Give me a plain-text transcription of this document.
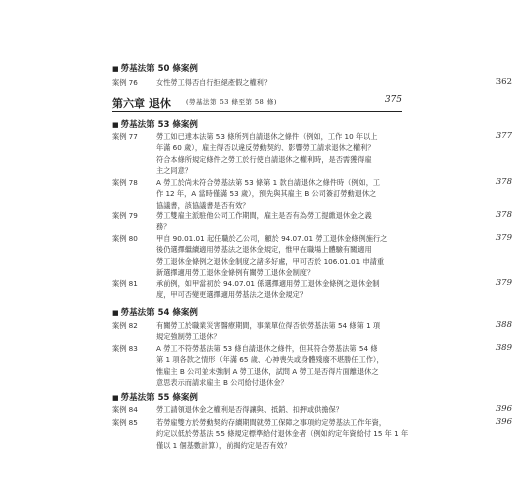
■ 勞基法第 50 條案例
案例 76	女性勞工得否自行拒絕產假之權利？	362
第六章 退休 (勞基法第 53 條至第 58 條)	375
■ 勞基法第 53 條案例
案例 77	勞工如已達本法第 53 條所列自請退休之條件（例如，工作 10 年以上
年滿 60 歲），雇主得否以違反勞動契約、影響勞工請求退休之權利？
符合本條所規定條件之勞工於行使自請退休之權利時，是否需獲得雇
主之同意？
377
案例 78	A 勞工於尚未符合勞基法第 53 條第 1 款自請退休之條件時（例如，工
作 12 年，A 當時僅滿 53 歲），預先與其雇主 B 公司簽訂勞動退休之
協議書，該協議書是否有效？
378
案例 79	勞工雙雇主派駐他公司工作期間，雇主是否有為勞工提繳退休金之義
務？
378
案例 80	甲自 90.01.01 起任職於乙公司，顧於 94.07.01 勞工退休金條例施行之
後仍選擇繼續適用勞基法之退休金規定，惟甲在職場上體驗有關適用
勞工退休金條例之退休金制度之諸多好處，甲可否於 106.01.01 申請重
新選擇適用勞工退休金條例有關勞工退休金制度？
379
案例 81	承前例，如甲當初於 94.07.01 係選擇適用勞工退休金條例之退休金制
度，甲可否變更選擇適用勞基法之退休金規定？
379
■ 勞基法第 54 條案例
案例 82	有關勞工於職業災害醫療期間，事業單位得否依勞基法第 54 條第 1 項
規定強制勞工退休？
388
案例 83	A 勞工不符勞基法第 53 條自請退休之條件，但其符合勞基法第 54 條
第 1 項各款之情形（年滿 65 歲、心神喪失或身體殘廢不堪勝任工作），
惟雇主 B 公司並未強制 A 勞工退休，試問 A 勞工是否得片面離退休之
意思表示而請求雇主 B 公司給付退休金？
389
■ 勞基法第 55 條案例
案例 84	勞工請領退休金之權利是否得讓與、抵銷、扣押或供擔保？	396
案例 85	若勞雇雙方於勞動契約存續期間就勞工保障之事項約定勞基法工作年資，
約定以低於勞基法 55 條規定標準給付退休金者（例如約定年資給付 15 年 1 年
僅以 1 個基數計算），前揭約定是否有效？
396
